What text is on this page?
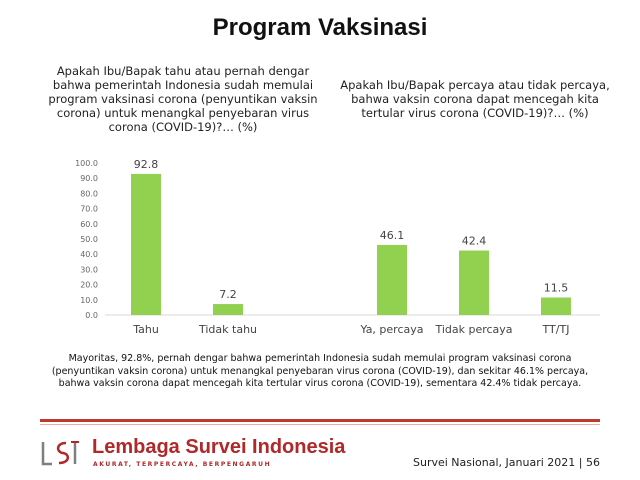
Program Vaksinasi
Apakah Ibu/Bapak tahu atau pernah dengar bahwa pemerintah Indonesia sudah memulai program vaksinasi corona (penyuntikan vaksin corona) untuk menangkal penyebaran virus corona (COVID-19)?… (%)
Apakah Ibu/Bapak percaya atau tidak percaya, bahwa vaksin corona dapat mencegah kita tertular virus corona (COVID-19)?… (%)
0.0
10.0
20.0
30.0
40.0
50.0
60.0
70.0
80.0
90.0
100.0	92.8
Tahu
7.2
Tidak tahu
46.1
Ya, percaya
42.4
Tidak percaya
11.5
TT/TJ
Mayoritas, 92.8%, pernah dengar bahwa pemerintah Indonesia sudah memulai program vaksinasi corona (penyuntikan vaksin corona) untuk menangkal penyebaran virus corona (COVID-19), dan sekitar 46.1% percaya, bahwa vaksin corona dapat mencegah kita tertular virus corona (COVID-19), sementara 42.4% tidak percaya.
Lembaga Survei Indonesia
AKURAT, TERPERCAYA, BERPENGARUH	Survei Nasional, Januari 2021 | 56
